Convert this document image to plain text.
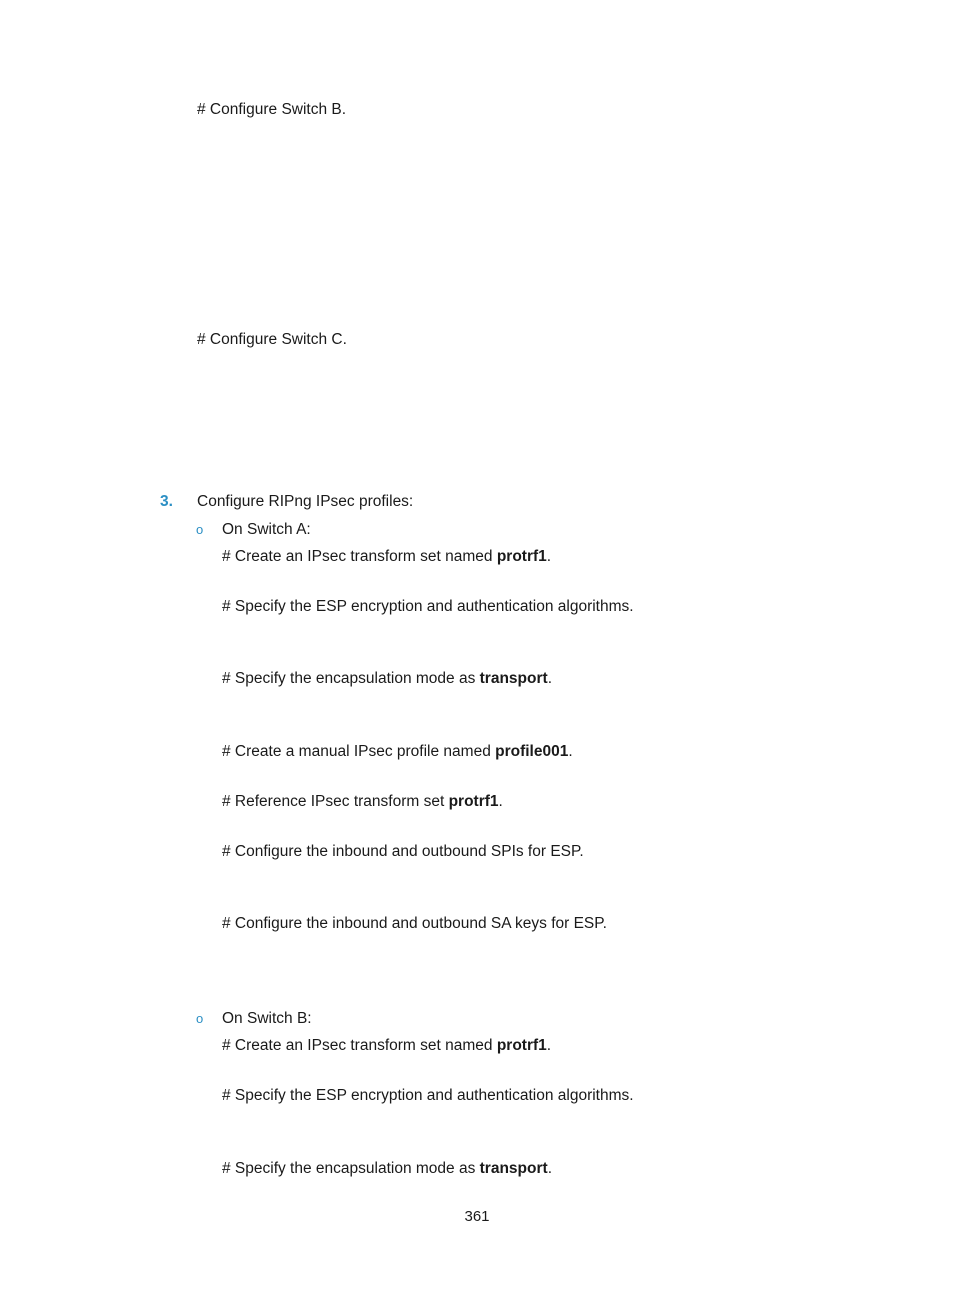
# Configure Switch B.
# Configure Switch C.
3. Configure RIPng IPsec profiles:
o On Switch A:
# Create an IPsec transform set named protrf1.
# Specify the ESP encryption and authentication algorithms.
# Specify the encapsulation mode as transport.
# Create a manual IPsec profile named profile001.
# Reference IPsec transform set protrf1.
# Configure the inbound and outbound SPIs for ESP.
# Configure the inbound and outbound SA keys for ESP.
o On Switch B:
# Create an IPsec transform set named protrf1.
# Specify the ESP encryption and authentication algorithms.
# Specify the encapsulation mode as transport.
361
